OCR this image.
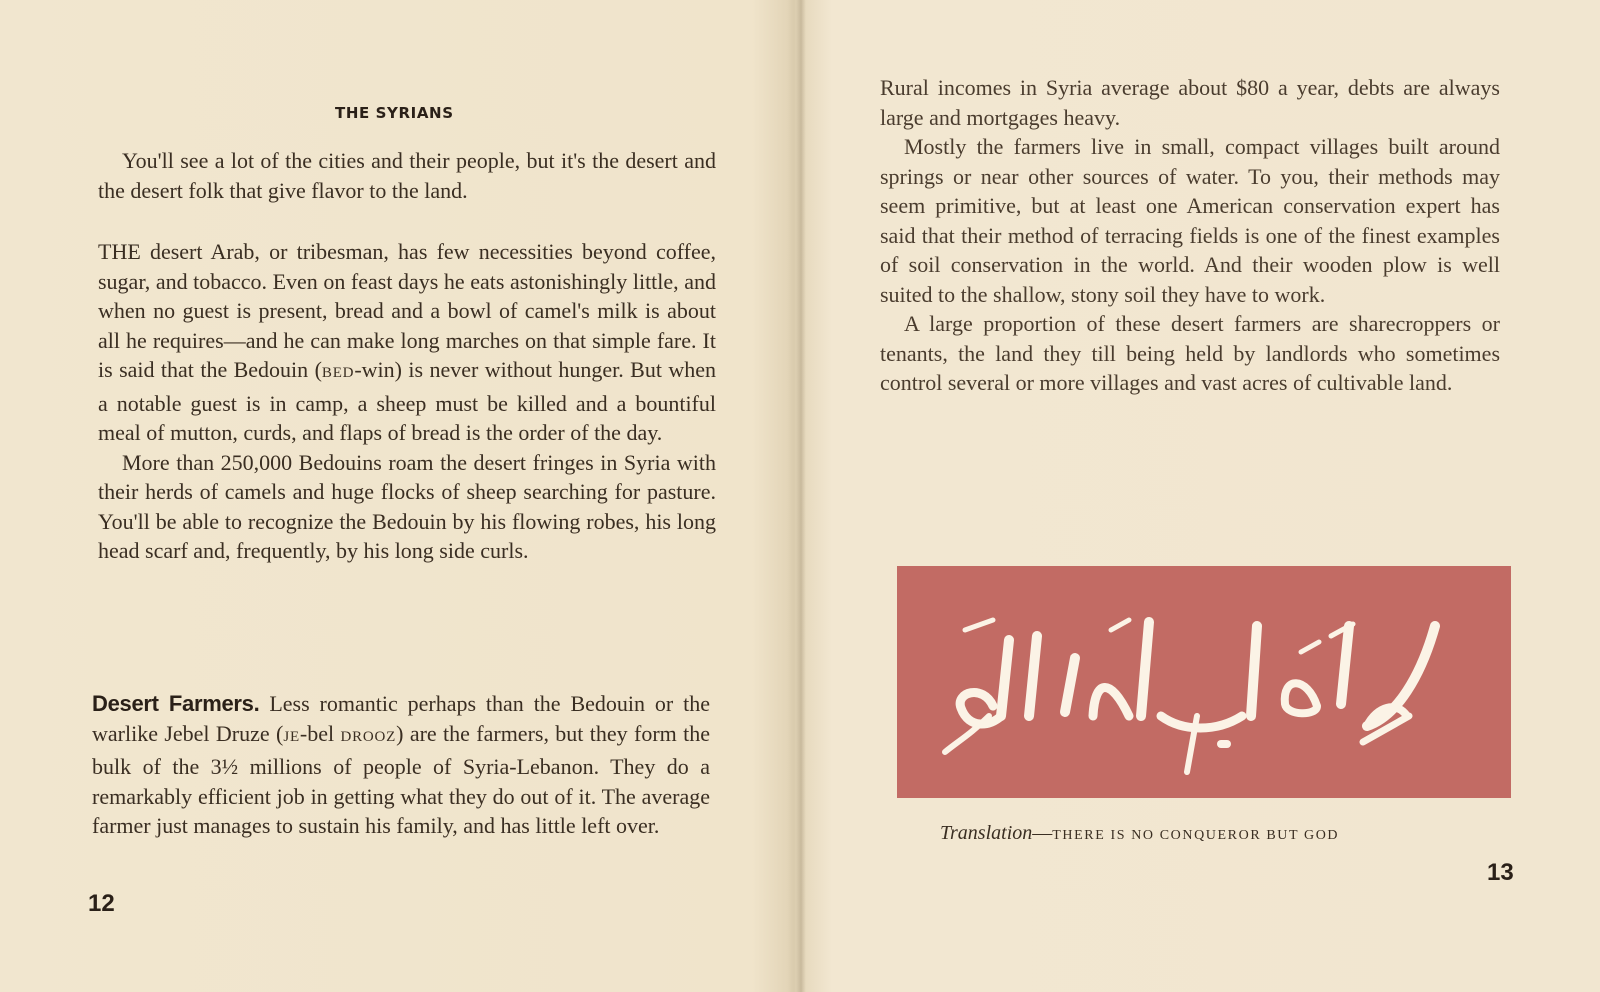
THE SYRIANS

You'll see a lot of the cities and their people, but it's the desert and the desert folk that give flavor to the land.

THE desert Arab, or tribesman, has few necessities beyond coffee, sugar, and tobacco. Even on feast days he eats astonishingly little, and when no guest is present, bread and a bowl of camel's milk is about all he requires—and he can make long marches on that simple fare. It is said that the Bedouin (BED-win) is never without hunger. But when a notable guest is in camp, a sheep must be killed and a bountiful meal of mutton, curds, and flaps of bread is the order of the day.

More than 250,000 Bedouins roam the desert fringes in Syria with their herds of camels and huge flocks of sheep searching for pasture. You'll be able to recognize the Bedouin by his flowing robes, his long head scarf and, frequently, by his long side curls.

Desert Farmers. Less romantic perhaps than the Bedouin or the warlike Jebel Druze (JE-bel DROOZ) are the farmers, but they form the bulk of the 3½ millions of people of Syria-Lebanon. They do a remarkably efficient job in getting what they do out of it. The average farmer just manages to sustain his family, and has little left over.

12

Rural incomes in Syria average about $80 a year, debts are always large and mortgages heavy.

Mostly the farmers live in small, compact villages built around springs or near other sources of water. To you, their methods may seem primitive, but at least one American conservation expert has said that their method of terracing fields is one of the finest examples of soil conservation in the world. And their wooden plow is well suited to the shallow, stony soil they have to work.

A large proportion of these desert farmers are sharecroppers or tenants, the land they till being held by landlords who sometimes control several or more villages and vast acres of cultivable land.

Translation—THERE IS NO CONQUEROR BUT GOD
13
